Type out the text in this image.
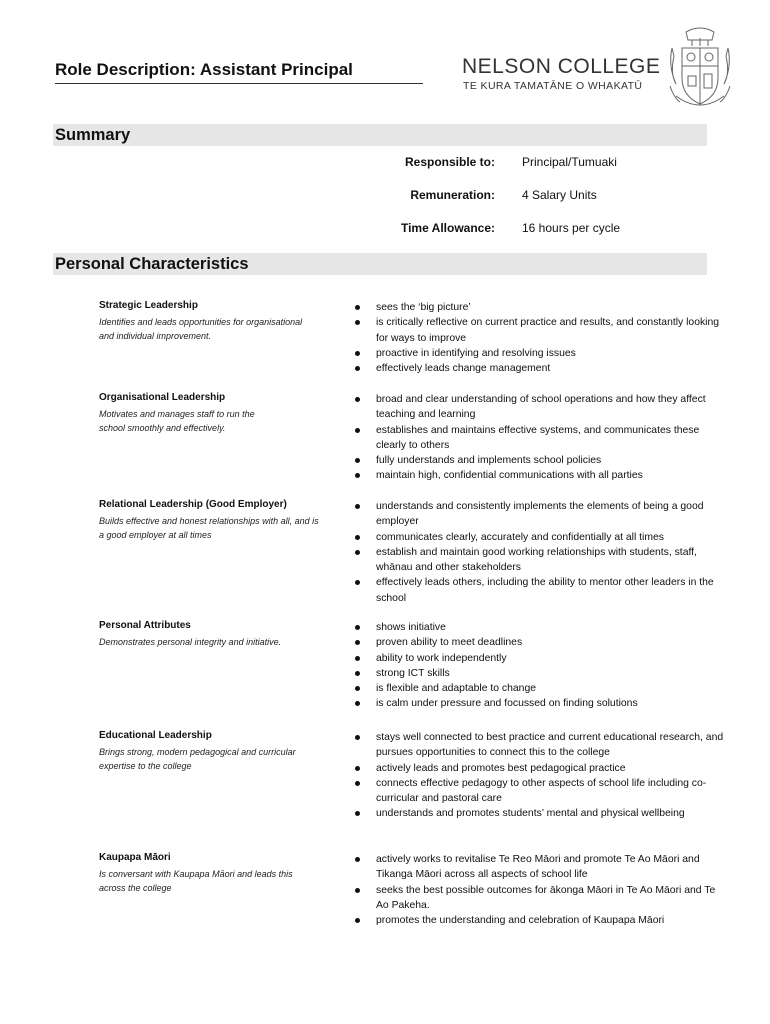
Role Description: Assistant Principal	NELSON COLLEGE
TE KURA TAMATĀNE O WHAKATŪ
Summary
Responsible to: Principal/Tumuaki
Remuneration: 4 Salary Units
Time Allowance: 16 hours per cycle
Personal Characteristics
Strategic Leadership
Identifies and leads opportunities for organisational and individual improvement.
sees the ‘big picture’
is critically reflective on current practice and results, and constantly looking for ways to improve
proactive in identifying and resolving issues
effectively leads change management
Organisational Leadership
Motivates and manages staff to run the school smoothly and effectively.
broad and clear understanding of school operations and how they affect teaching and learning
establishes and maintains effective systems, and communicates these clearly to others
fully understands and implements school policies
maintain high, confidential communications with all parties
Relational Leadership (Good Employer)
Builds effective and honest relationships with all, and is a good employer at all times
understands and consistently implements the elements of being a good employer
communicates clearly, accurately and confidentially at all times
establish and maintain good working relationships with students, staff, whānau and other stakeholders
effectively leads others, including the ability to mentor other leaders in the school
Personal Attributes
Demonstrates personal integrity and initiative.
shows initiative
proven ability to meet deadlines
ability to work independently
strong ICT skills
is flexible and adaptable to change
is calm under pressure and focussed on finding solutions
Educational Leadership
Brings strong, modern pedagogical and curricular expertise to the college
stays well connected to best practice and current educational research, and pursues opportunities to connect this to the college
actively leads and promotes best pedagogical practice
connects effective pedagogy to other aspects of school life including co-curricular and pastoral care
understands and promotes students’ mental and physical wellbeing
Kaupapa Māori
Is conversant with Kaupapa Māori and leads this across the college
actively works to revitalise Te Reo Māori and promote Te Ao Māori and Tikanga Māori across all aspects of school life
seeks the best possible outcomes for ākonga Māori in Te Ao Māori and Te Ao Pakeha.
promotes the understanding and celebration of Kaupapa Māori
